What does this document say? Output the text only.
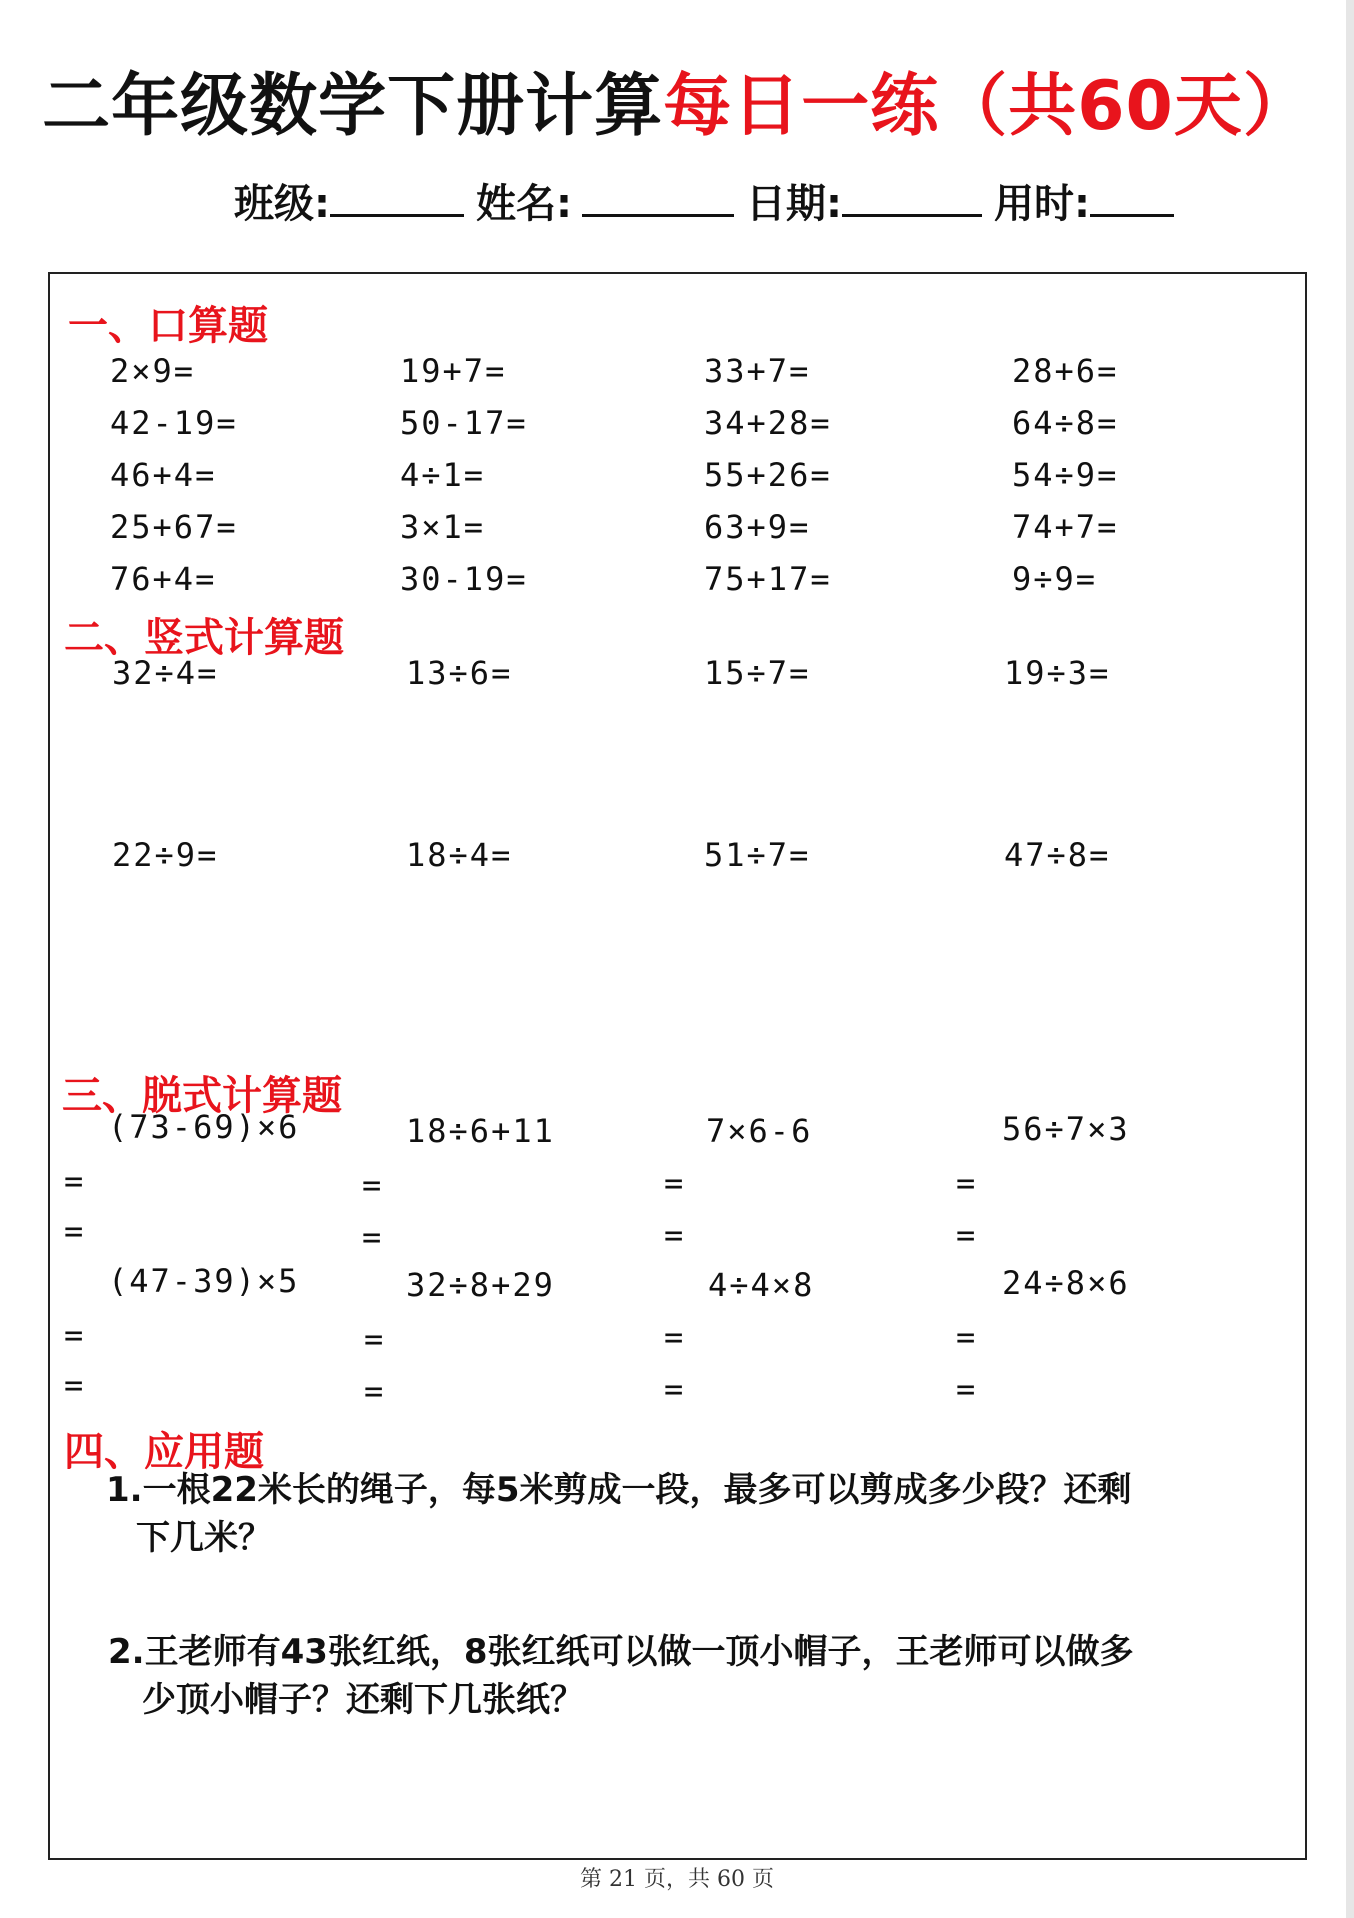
二年级数学下册计算每日一练（共60天）
班级:	姓名:	日期:	用时:
一、口算题
2×9=	19+7=	33+7=	28+6=
42-19=	50-17=	34+28=	64÷8=
46+4=	4÷1=	55+26=	54÷9=
25+67=	3×1=	63+9=	74+7=
76+4=	30-19=	75+17=	9÷9=
二、竖式计算题
32÷4=	13÷6=	15÷7=	19÷3=
22÷9=	18÷4=	51÷7=	47÷8=
三、脱式计算题
(73-69)×6	18÷6+11	7×6-6	56÷7×3
=	=	=	=
=	=	=	=
(47-39)×5	32÷8+29	4÷4×8	24÷8×6
=	=	=	=
=	=	=	=
四、应用题
1.一根22米长的绳子，每5米剪成一段，最多可以剪成多少段？还剩
下几米？
2.王老师有43张红纸，8张红纸可以做一顶小帽子，王老师可以做多
少顶小帽子？还剩下几张纸？
第 21 页，共 60 页
